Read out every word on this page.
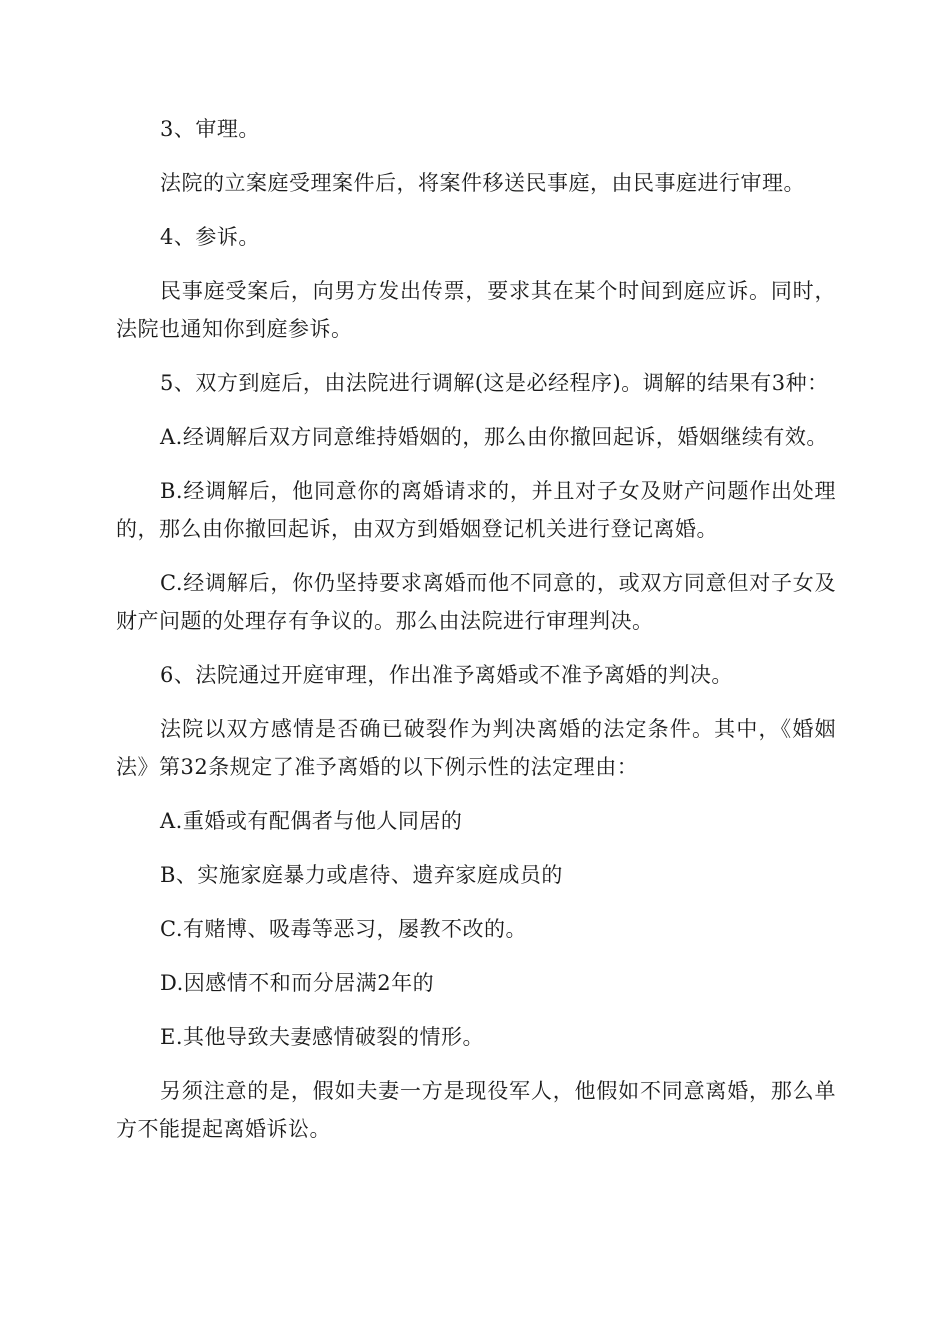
3、审理。

法院的立案庭受理案件后，将案件移送民事庭，由民事庭进行审理。

4、参诉。

民事庭受案后，向男方发出传票，要求其在某个时间到庭应诉。同时，法院也通知你到庭参诉。

5、双方到庭后，由法院进行调解(这是必经程序)。调解的结果有3种：

A.经调解后双方同意维持婚姻的，那么由你撤回起诉，婚姻继续有效。

B.经调解后，他同意你的离婚请求的，并且对子女及财产问题作出处理的，那么由你撤回起诉，由双方到婚姻登记机关进行登记离婚。

C.经调解后，你仍坚持要求离婚而他不同意的，或双方同意但对子女及财产问题的处理存有争议的。那么由法院进行审理判决。

6、法院通过开庭审理，作出准予离婚或不准予离婚的判决。

法院以双方感情是否确已破裂作为判决离婚的法定条件。其中，《婚姻法》第32条规定了准予离婚的以下例示性的法定理由：

A.重婚或有配偶者与他人同居的

B、实施家庭暴力或虐待、遗弃家庭成员的

C.有赌博、吸毒等恶习，屡教不改的。

D.因感情不和而分居满2年的

E.其他导致夫妻感情破裂的情形。

另须注意的是，假如夫妻一方是现役军人，他假如不同意离婚，那么单方不能提起离婚诉讼。
